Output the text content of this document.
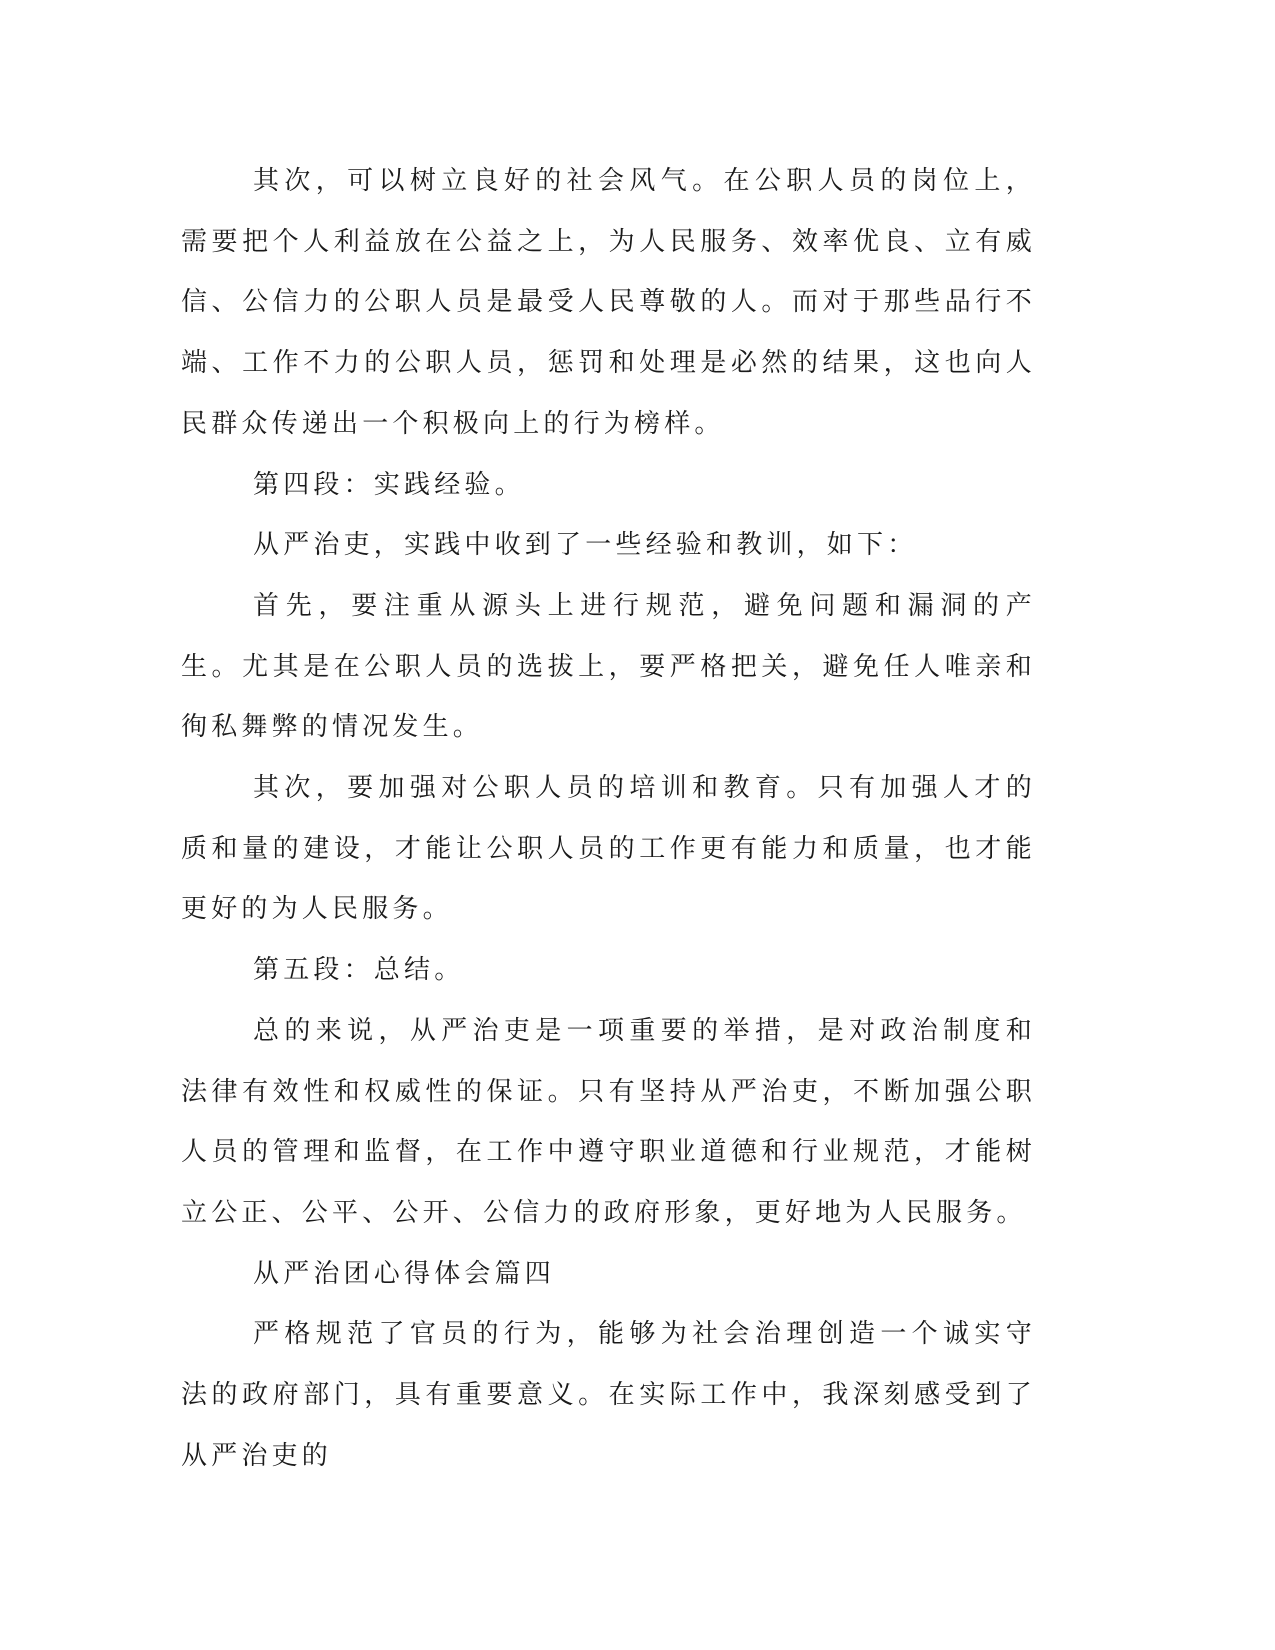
其次，可以树立良好的社会风气。在公职人员的岗位上，需要把个人利益放在公益之上，为人民服务、效率优良、立有威信、公信力的公职人员是最受人民尊敬的人。而对于那些品行不端、工作不力的公职人员，惩罚和处理是必然的结果，这也向人民群众传递出一个积极向上的行为榜样。

第四段：实践经验。

从严治吏，实践中收到了一些经验和教训，如下：

首先，要注重从源头上进行规范，避免问题和漏洞的产生。尤其是在公职人员的选拔上，要严格把关，避免任人唯亲和徇私舞弊的情况发生。

其次，要加强对公职人员的培训和教育。只有加强人才的质和量的建设，才能让公职人员的工作更有能力和质量，也才能更好的为人民服务。

第五段：总结。

总的来说，从严治吏是一项重要的举措，是对政治制度和法律有效性和权威性的保证。只有坚持从严治吏，不断加强公职人员的管理和监督，在工作中遵守职业道德和行业规范，才能树立公正、公平、公开、公信力的政府形象，更好地为人民服务。

从严治团心得体会篇四

严格规范了官员的行为，能够为社会治理创造一个诚实守法的政府部门，具有重要意义。在实际工作中，我深刻感受到了从严治吏的
